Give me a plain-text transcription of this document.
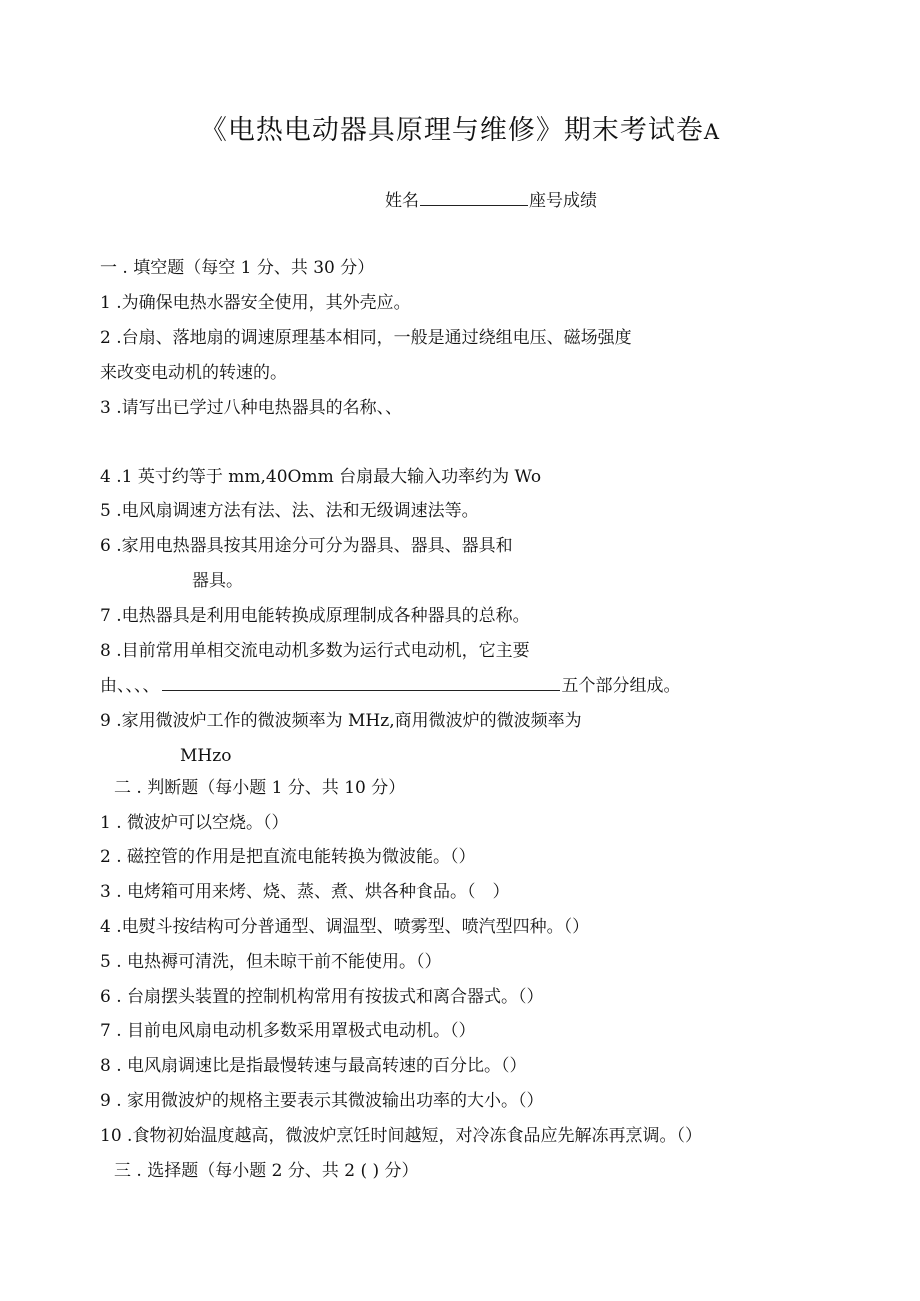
《电热电动器具原理与维修》期末考试卷A
姓名	座号成绩
一 . 填空题（每空 1 分、共 30 分）
1 .为确保电热水器安全使用，其外壳应。
2 .台扇、落地扇的调速原理基本相同，一般是通过绕组电压、磁场强度
来改变电动机的转速的。
3 .请写出已学过八种电热器具的名称、、
4 .1 英寸约等于 mm,40Omm 台扇最大输入功率约为 Wo
5 .电风扇调速方法有法、法、法和无级调速法等。
6 .家用电热器具按其用途分可分为器具、器具、器具和
器具。
7 .电热器具是利用电能转换成原理制成各种器具的总称。
8 .目前常用单相交流电动机多数为运行式电动机，它主要
由、、、、	五个部分组成。
9 .家用微波炉工作的微波频率为 MHz,商用微波炉的微波频率为
MHzo
二 . 判断题（每小题 1 分、共 10 分）
1 . 微波炉可以空烧。（）
2 . 磁控管的作用是把直流电能转换为微波能。（）
3 . 电烤箱可用来烤、烧、蒸、煮、烘各种食品。（　）
4 .电熨斗按结构可分普通型、调温型、喷雾型、喷汽型四种。（）
5 . 电热褥可清洗，但未晾干前不能使用。（）
6 . 台扇摆头装置的控制机构常用有按拔式和离合器式。（）
7 . 目前电风扇电动机多数采用罩极式电动机。（）
8 . 电风扇调速比是指最慢转速与最高转速的百分比。（）
9 . 家用微波炉的规格主要表示其微波输出功率的大小。（）
10 .食物初始温度越高，微波炉烹饪时间越短，对冷冻食品应先解冻再烹调。（）
三 . 选择题（每小题 2 分、共 2 ( ) 分）
